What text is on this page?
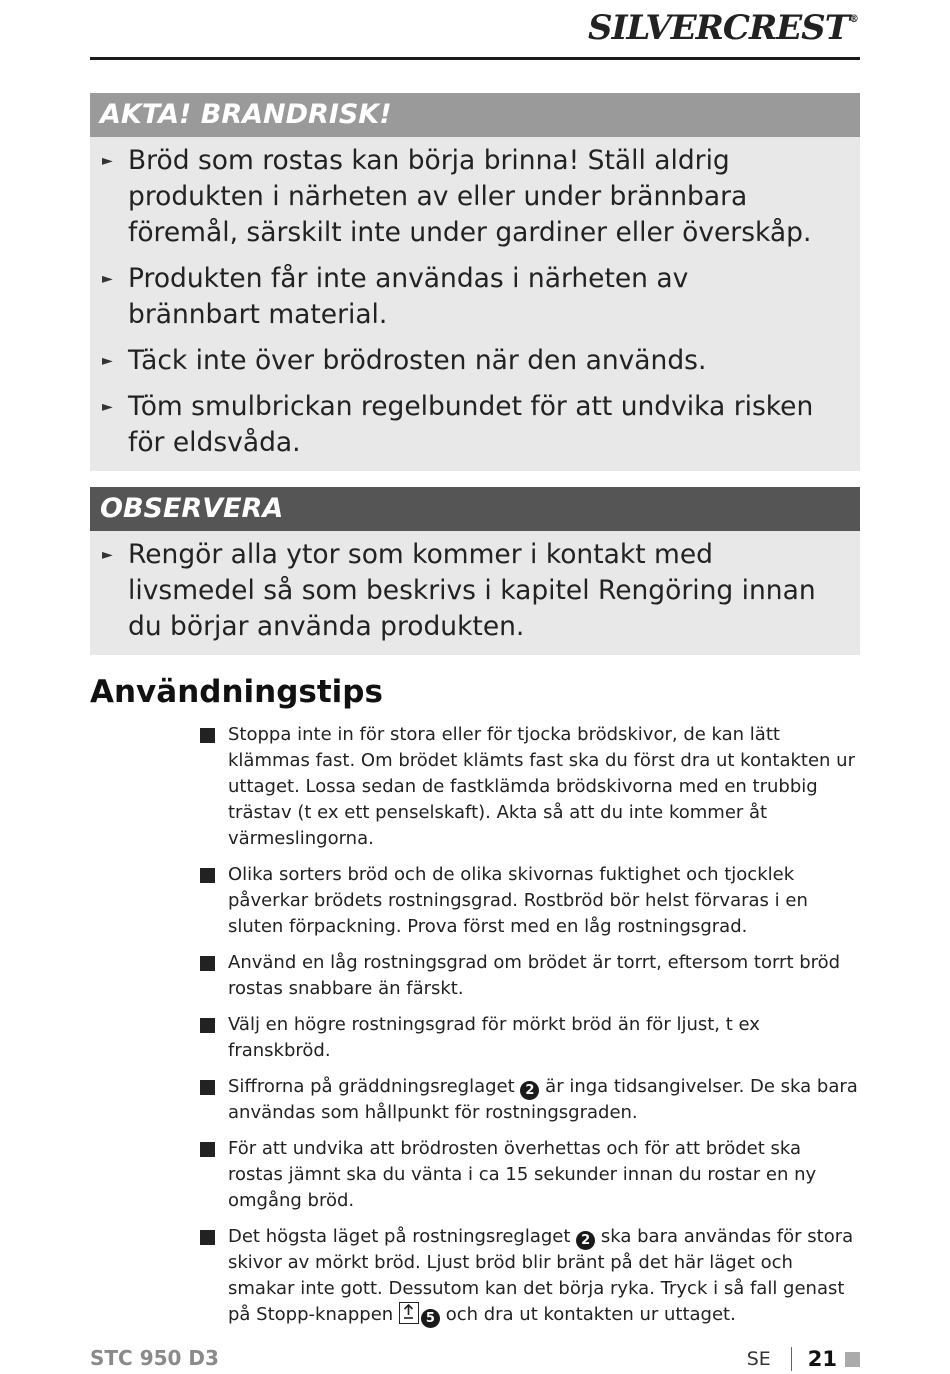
SILVERCREST®
AKTA! BRANDRISK!
► Bröd som rostas kan börja brinna! Ställ aldrig produkten i närheten av eller under brännbara föremål, särskilt inte under gardiner eller överskåp.
► Produkten får inte användas i närheten av brännbart material.
► Täck inte över brödrosten när den används.
► Töm smulbrickan regelbundet för att undvika risken för eldsvåda.
OBSERVERA
► Rengör alla ytor som kommer i kontakt med livsmedel så som beskrivs i kapitel Rengöring innan du börjar använda produkten.
Användningstips
Stoppa inte in för stora eller för tjocka brödskivor, de kan lätt klämmas fast. Om brödet klämts fast ska du först dra ut kontakten ur uttaget. Lossa sedan de fastklämda brödskivorna med en trubbig trästav (t ex ett penselskaft). Akta så att du inte kommer åt värmeslingorna.
Olika sorters bröd och de olika skivornas fuktighet och tjocklek påverkar brödets rostningsgrad. Rostbröd bör helst förvaras i en sluten förpackning. Prova först med en låg rostningsgrad.
Använd en låg rostningsgrad om brödet är torrt, eftersom torrt bröd rostas snabbare än färskt.
Välj en högre rostningsgrad för mörkt bröd än för ljust, t ex franskbröd.
Siffrorna på gräddningsreglaget 2 är inga tidsangivelser. De ska bara användas som hållpunkt för rostningsgraden.
För att undvika att brödrosten överhettas och för att brödet ska rostas jämnt ska du vänta i ca 15 sekunder innan du rostar en ny omgång bröd.
Det högsta läget på rostningsreglaget 2 ska bara användas för stora skivor av mörkt bröd. Ljust bröd blir bränt på det här läget och smakar inte gott. Dessutom kan det börja ryka. Tryck i så fall genast på Stopp-knappen	5 och dra ut kontakten ur uttaget.
STC 950 D3	SE 21
